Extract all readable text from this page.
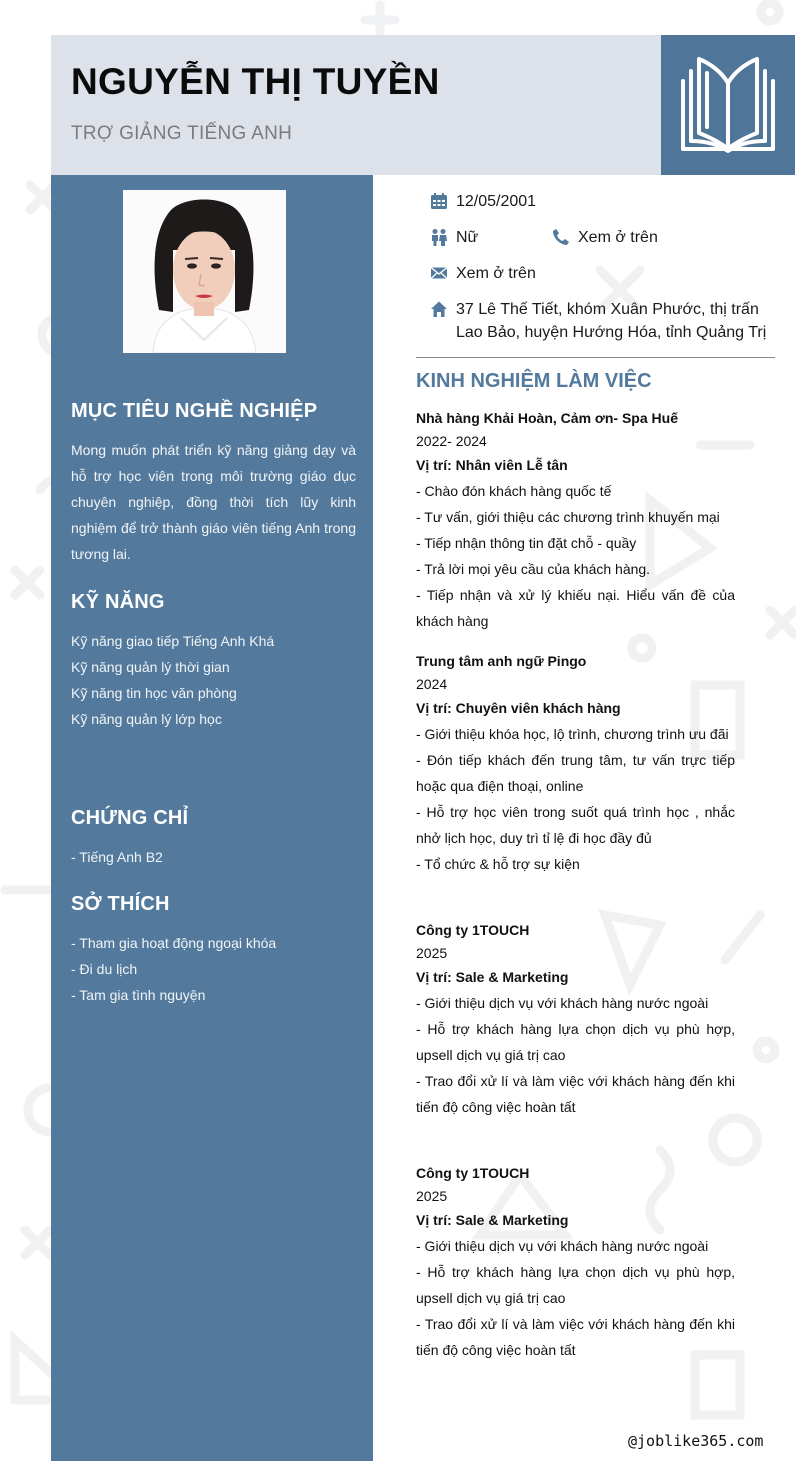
NGUYỄN THỊ TUYỀN
TRỢ GIẢNG TIẾNG ANH
MỤC TIÊU NGHỀ NGHIỆP
Mong muốn phát triển kỹ năng giảng dạy và hỗ trợ học viên trong môi trường giáo dục chuyên nghiệp, đồng thời tích lũy kinh nghiệm để trở thành giáo viên tiếng Anh trong tương lai.
KỸ NĂNG
Kỹ năng giao tiếp Tiếng Anh Khá
Kỹ năng quản lý thời gian
Kỹ năng tin học văn phòng
Kỹ năng quản lý lớp học
CHỨNG CHỈ
- Tiếng Anh B2
SỞ THÍCH
- Tham gia hoạt động ngoại khóa
- Đi du lịch
- Tam gia tình nguyện
12/05/2001
Nữ	Xem ở trên
Xem ở trên
37 Lê Thế Tiết, khóm Xuân Phước, thị trấn Lao Bảo, huyện Hướng Hóa, tỉnh Quảng Trị
KINH NGHIỆM LÀM VIỆC
Nhà hàng Khải Hoàn, Cảm ơn- Spa Huế
2022- 2024
Vị trí: Nhân viên Lễ tân
- Chào đón khách hàng quốc tế
- Tư vấn, giới thiệu các chương trình khuyến mại
- Tiếp nhận thông tin đặt chỗ - quầy
- Trả lời mọi yêu cầu của khách hàng.
- Tiếp nhận và xử lý khiếu nại. Hiểu vấn đề của khách hàng
Trung tâm anh ngữ Pingo
2024
Vị trí: Chuyên viên khách hàng
- Giới thiệu khóa học, lộ trình, chương trình ưu đãi
- Đón tiếp khách đến trung tâm, tư vấn trực tiếp hoặc qua điện thoại, online
- Hỗ trợ học viên trong suốt quá trình học , nhắc nhở lịch học, duy trì tỉ lệ đi học đầy đủ
- Tổ chức & hỗ trợ sự kiện
Công ty 1TOUCH
2025
Vị trí: Sale & Marketing
- Giới thiệu dịch vụ với khách hàng nước ngoài
- Hỗ trợ khách hàng lựa chọn dịch vụ phù hợp, upsell dịch vụ giá trị cao
- Trao đổi xử lí và làm việc với khách hàng đến khi tiến độ công việc hoàn tất
Công ty 1TOUCH
2025
Vị trí: Sale & Marketing
- Giới thiệu dịch vụ với khách hàng nước ngoài
- Hỗ trợ khách hàng lựa chọn dịch vụ phù hợp, upsell dịch vụ giá trị cao
- Trao đổi xử lí và làm việc với khách hàng đến khi tiến độ công việc hoàn tất
@joblike365.com
